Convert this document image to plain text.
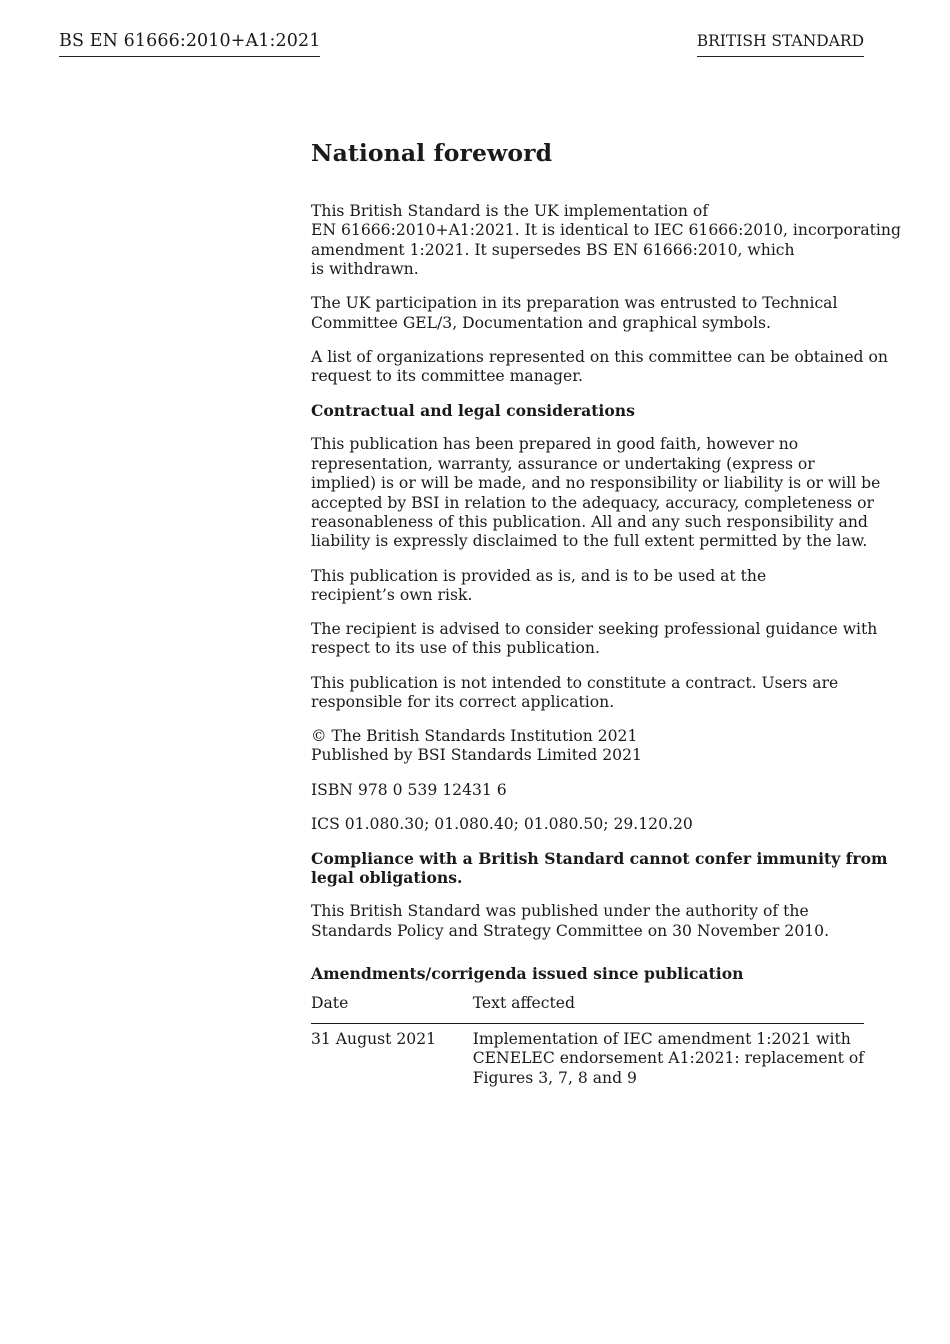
BS EN 61666:2010+A1:2021	BRITISH STANDARD
National foreword

This British Standard is the UK implementation of
EN 61666:2010+A1:2021. It is identical to IEC 61666:2010, incorporating
amendment 1:2021. It supersedes BS EN 61666:2010, which
is withdrawn.

The UK participation in its preparation was entrusted to Technical
Committee GEL/3, Documentation and graphical symbols.

A list of organizations represented on this committee can be obtained on
request to its committee manager.

Contractual and legal considerations

This publication has been prepared in good faith, however no
representation, warranty, assurance or undertaking (express or
implied) is or will be made, and no responsibility or liability is or will be
accepted by BSI in relation to the adequacy, accuracy, completeness or
reasonableness of this publication. All and any such responsibility and
liability is expressly disclaimed to the full extent permitted by the law.

This publication is provided as is, and is to be used at the
recipient’s own risk.

The recipient is advised to consider seeking professional guidance with
respect to its use of this publication.

This publication is not intended to constitute a contract. Users are
responsible for its correct application.

© The British Standards Institution 2021
Published by BSI Standards Limited 2021

ISBN 978 0 539 12431 6

ICS 01.080.30; 01.080.40; 01.080.50; 29.120.20

Compliance with a British Standard cannot confer immunity from
legal obligations.

This British Standard was published under the authority of the
Standards Policy and Strategy Committee on 30 November 2010.

Amendments/corrigenda issued since publication
Date	Text affected
31 August 2021	Implementation of IEC amendment 1:2021 with
CENELEC endorsement A1:2021: replacement of
Figures 3, 7, 8 and 9
